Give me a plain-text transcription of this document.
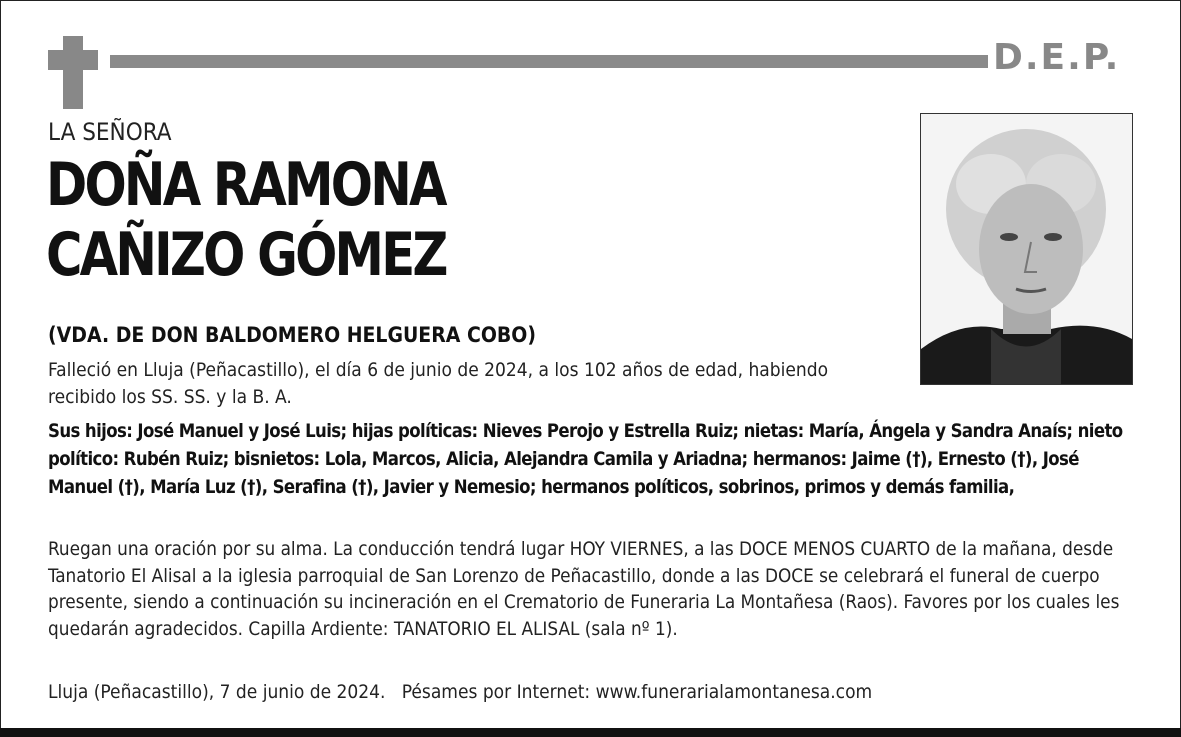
D.E.P.
LA SEÑORA
DOÑA RAMONA
CAÑIZO GÓMEZ
(VDA. DE DON BALDOMERO HELGUERA COBO)
Falleció en Lluja (Peñacastillo), el día 6 de junio de 2024, a los 102 años de edad, habiendo recibido los SS. SS. y la B. A.
Sus hijos: José Manuel y José Luis; hijas políticas: Nieves Perojo y Estrella Ruiz; nietas: María, Ángela y Sandra Anaís; nieto político: Rubén Ruiz; bisnietos: Lola, Marcos, Alicia, Alejandra Camila y Ariadna; hermanos: Jaime (†), Ernesto (†), José Manuel (†), María Luz (†), Serafina (†), Javier y Nemesio; hermanos políticos, sobrinos, primos y demás familia,
Ruegan una oración por su alma. La conducción tendrá lugar HOY VIERNES, a las DOCE MENOS CUARTO de la mañana, desde Tanatorio El Alisal a la iglesia parroquial de San Lorenzo de Peñacastillo, donde a las DOCE se celebrará el funeral de cuerpo presente, siendo a continuación su incineración en el Crematorio de Funeraria La Montañesa (Raos). Favores por los cuales les quedarán agradecidos. Capilla Ardiente: TANATORIO EL ALISAL (sala nº 1).
Lluja (Peñacastillo), 7 de junio de 2024. Pésames por Internet: www.funerarialamontanesa.com
